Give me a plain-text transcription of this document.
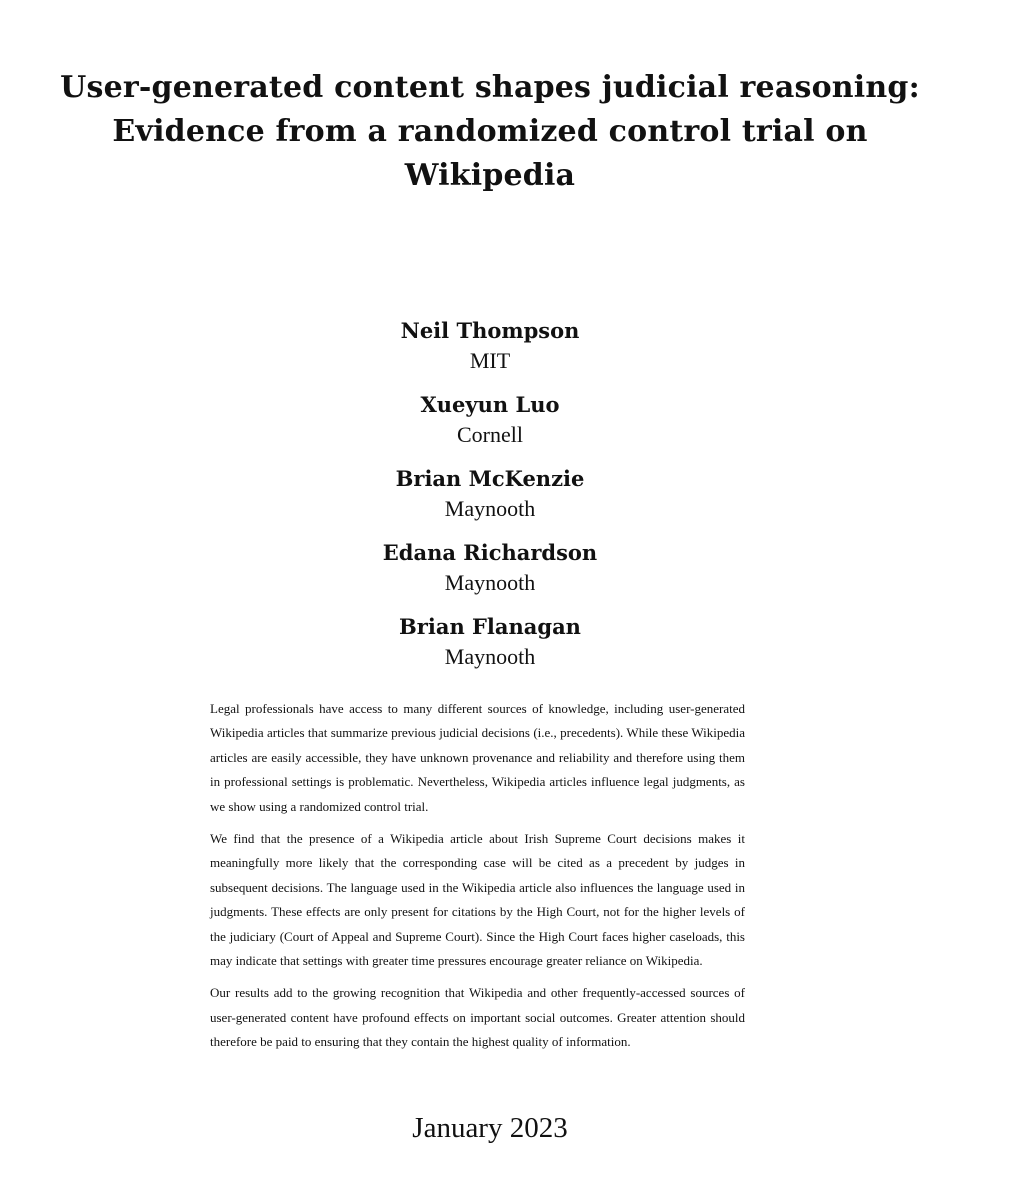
User-generated content shapes judicial reasoning:
Evidence from a randomized control trial on
Wikipedia
Neil Thompson
MIT
Xueyun Luo
Cornell
Brian McKenzie
Maynooth
Edana Richardson
Maynooth
Brian Flanagan
Maynooth

Legal professionals have access to many different sources of knowledge, including user-generated Wikipedia articles that summarize previous judicial decisions (i.e., precedents). While these Wikipedia articles are easily accessible, they have unknown provenance and reliability and therefore using them in professional settings is problematic. Nevertheless, Wikipedia articles influence legal judgments, as we show using a randomized control trial.

We find that the presence of a Wikipedia article about Irish Supreme Court decisions makes it meaningfully more likely that the corresponding case will be cited as a precedent by judges in subsequent decisions. The language used in the Wikipedia article also influences the language used in judgments. These effects are only present for citations by the High Court, not for the higher levels of the judiciary (Court of Appeal and Supreme Court). Since the High Court faces higher caseloads, this may indicate that settings with greater time pressures encourage greater reliance on Wikipedia.

Our results add to the growing recognition that Wikipedia and other frequently-accessed sources of user-generated content have profound effects on important social outcomes. Greater attention should therefore be paid to ensuring that they contain the highest quality of information.

January 2023
